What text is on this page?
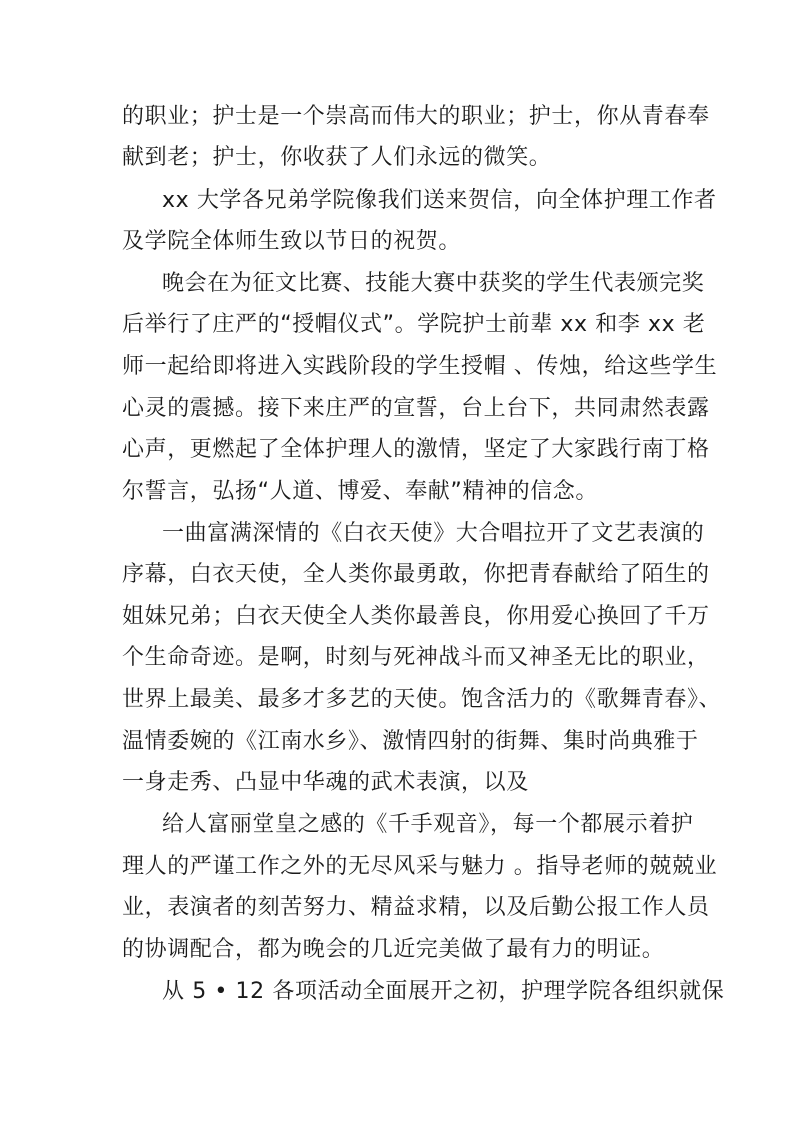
的职业；护士是一个崇高而伟大的职业；护士，你从青春奉
献到老；护士，你收获了人们永远的微笑。
xx 大学各兄弟学院像我们送来贺信，向全体护理工作者
及学院全体师生致以节日的祝贺。
晚会在为征文比赛、技能大赛中获奖的学生代表颁完奖
后举行了庄严的“授帽仪式”。学院护士前辈 xx 和李 xx 老
师一起给即将进入实践阶段的学生授帽 、传烛，给这些学生
心灵的震撼。接下来庄严的宣誓，台上台下，共同肃然表露
心声，更燃起了全体护理人的激情，坚定了大家践行南丁格
尔誓言，弘扬“人道、博爱、奉献”精神的信念。
一曲富满深情的《白衣天使》大合唱拉开了文艺表演的
序幕，白衣天使，全人类你最勇敢，你把青春献给了陌生的
姐妹兄弟；白衣天使全人类你最善良，你用爱心换回了千万
个生命奇迹。是啊，时刻与死神战斗而又神圣无比的职业，
世界上最美、最多才多艺的天使。饱含活力的《歌舞青春》、
温情委婉的《江南水乡》、激情四射的街舞、集时尚典雅于
一身走秀、凸显中华魂的武术表演，以及
给人富丽堂皇之感的《千手观音》，每一个都展示着护
理人的严谨工作之外的无尽风采与魅力 。指导老师的兢兢业
业，表演者的刻苦努力、精益求精，以及后勤公报工作人员
的协调配合，都为晚会的几近完美做了最有力的明证。
从 5 • 12 各项活动全面展开之初，护理学院各组织就保
